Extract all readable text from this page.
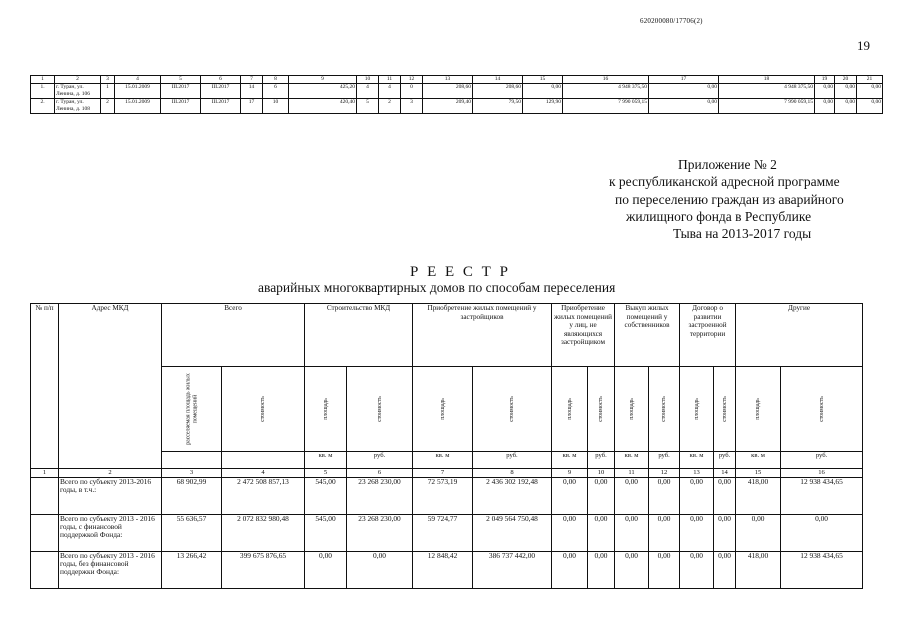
620200080/17706(2)
19
1	2	3	4	5	6	7	8	9	10	11	12	13	14	15	16	17	18	19	20	21
1.	г. Туран, ул. Ленина, д. 106	1	15.01.2009	III.2017	III.2017	14	6	425,20	4	4	0	208,60	208,60	0,00	4 948 375,50	0,00	4 948 375,50	0,00	0,00	0,00
2.	г. Туран, ул. Ленина, д. 108	2	15.01.2009	III.2017	III.2017	17	10	420,40	5	2	3	209,40	79,50	129,90	7 990 059,15	0,00	7 990 059,15	0,00	0,00	0,00
Приложение № 2
к республиканской адресной программе
по переселению граждан из аварийного
жилищного фонда в Республике
Тыва на 2013-2017 годы
Р Е Е С Т Р
аварийных многоквартирных домов по способам переселения
№ п/п	Адрес МКД	Всего		Строительство МКД		Приобретение жилых помещений у застройщиков		Приобретение жилых помещений у лиц, не являющихся застройщиком		Выкуп жилых помещений у собственников		Договор о развитии застроенной территории		Другие		

		расселяемая площадь жилых помещений	стоимость	площадь	стоимость	площадь	стоимость	площадь	стоимость	площадь	стоимость	площадь	стоимость	площадь	стоимость	

				кв. м	руб.	кв. м	руб.	кв. м	руб.	кв. м	руб.	кв. м	руб.	кв. м	руб.		
1	2	3	4	5	6	7	8	9	10	11	12	13	14	15	16	
	Всего по субъекту 2013-2016 годы, в т.ч.:	68 902,99	2 472 508 857,13	545,00	23 268 230,00	72 573,19	2 436 302 192,48	0,00	0,00	0,00	0,00	0,00	0,00	418,00	12 938 434,65	
	Всего по субъекту 2013 - 2016 годы, с финансовой поддержкой Фонда:	55 636,57	2 072 832 980,48	545,00	23 268 230,00	59 724,77	2 049 564 750,48	0,00	0,00	0,00	0,00	0,00	0,00	0,00	0,00	
	Всего по субъекту 2013 - 2016 годы, без финансовой поддержки Фонда:	13 266,42	399 675 876,65	0,00	0,00	12 848,42	386 737 442,00	0,00	0,00	0,00	0,00	0,00	0,00	418,00	12 938 434,65	
